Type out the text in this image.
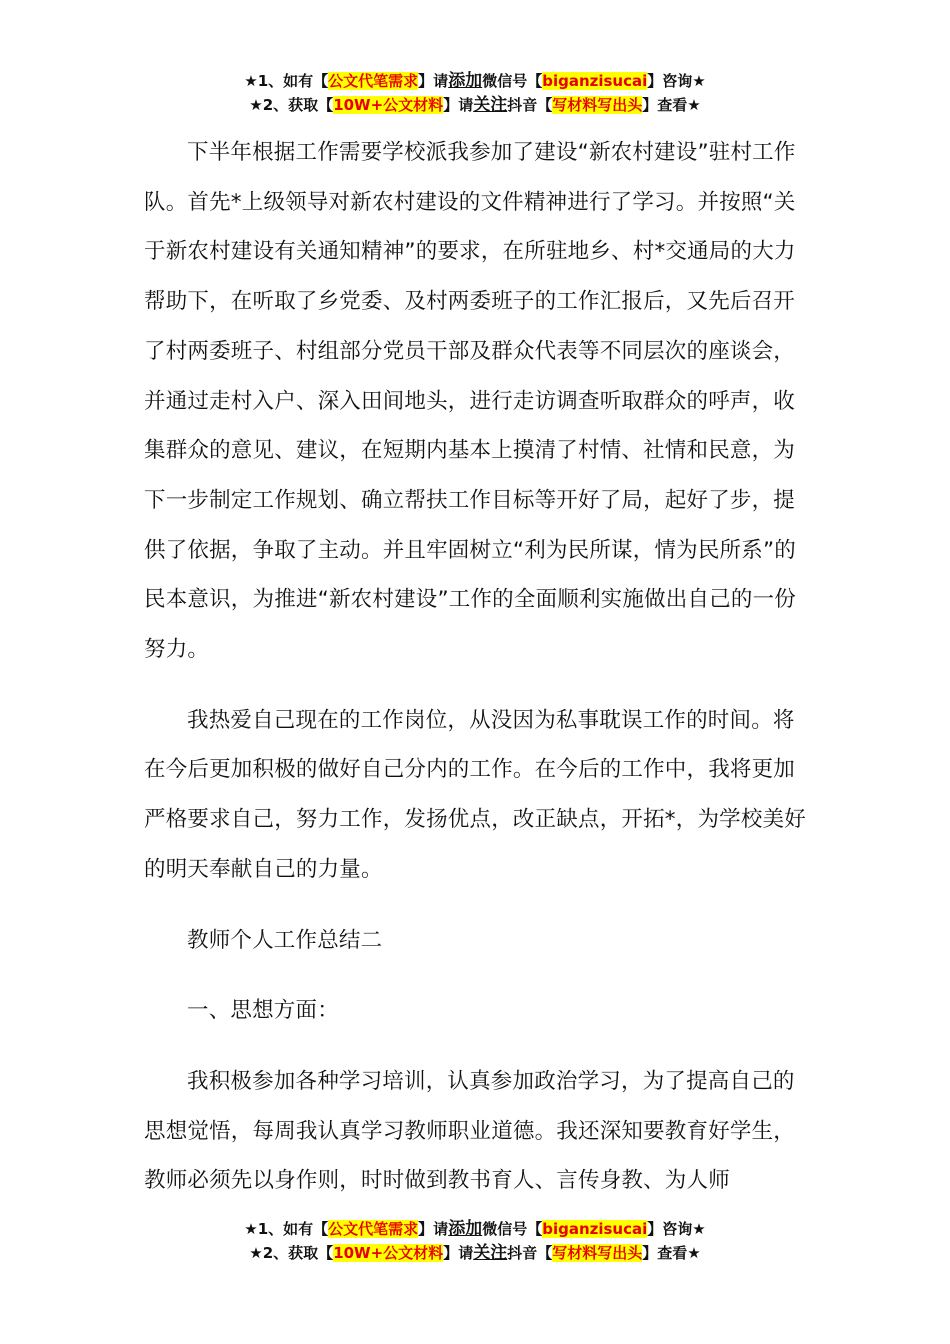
★1、如有【公文代笔需求】请添加微信号【biganzisucai】咨询★
★2、获取【10W+公文材料】请关注抖音【写材料写出头】查看★

下半年根据工作需要学校派我参加了建设“新农村建设”驻村工作队。首先*上级领导对新农村建设的文件精神进行了学习。并按照“关于新农村建设有关通知精神”的要求，在所驻地乡、村*交通局的大力帮助下，在听取了乡党委、及村两委班子的工作汇报后，又先后召开了村两委班子、村组部分党员干部及群众代表等不同层次的座谈会，并通过走村入户、深入田间地头，进行走访调查听取群众的呼声，收集群众的意见、建议，在短期内基本上摸清了村情、社情和民意，为下一步制定工作规划、确立帮扶工作目标等开好了局，起好了步，提供了依据，争取了主动。并且牢固树立“利为民所谋，情为民所系”的民本意识，为推进“新农村建设”工作的全面顺利实施做出自己的一份努力。

我热爱自己现在的工作岗位，从没因为私事耽误工作的时间。将在今后更加积极的做好自己分内的工作。在今后的工作中，我将更加严格要求自己，努力工作，发扬优点，改正缺点，开拓*，为学校美好的明天奉献自己的力量。

教师个人工作总结二

一、思想方面：

我积极参加各种学习培训，认真参加政治学习，为了提高自己的思想觉悟，每周我认真学习教师职业道德。我还深知要教育好学生，教师必须先以身作则，时时做到教书育人、言传身教、为人师

★1、如有【公文代笔需求】请添加微信号【biganzisucai】咨询★
★2、获取【10W+公文材料】请关注抖音【写材料写出头】查看★
